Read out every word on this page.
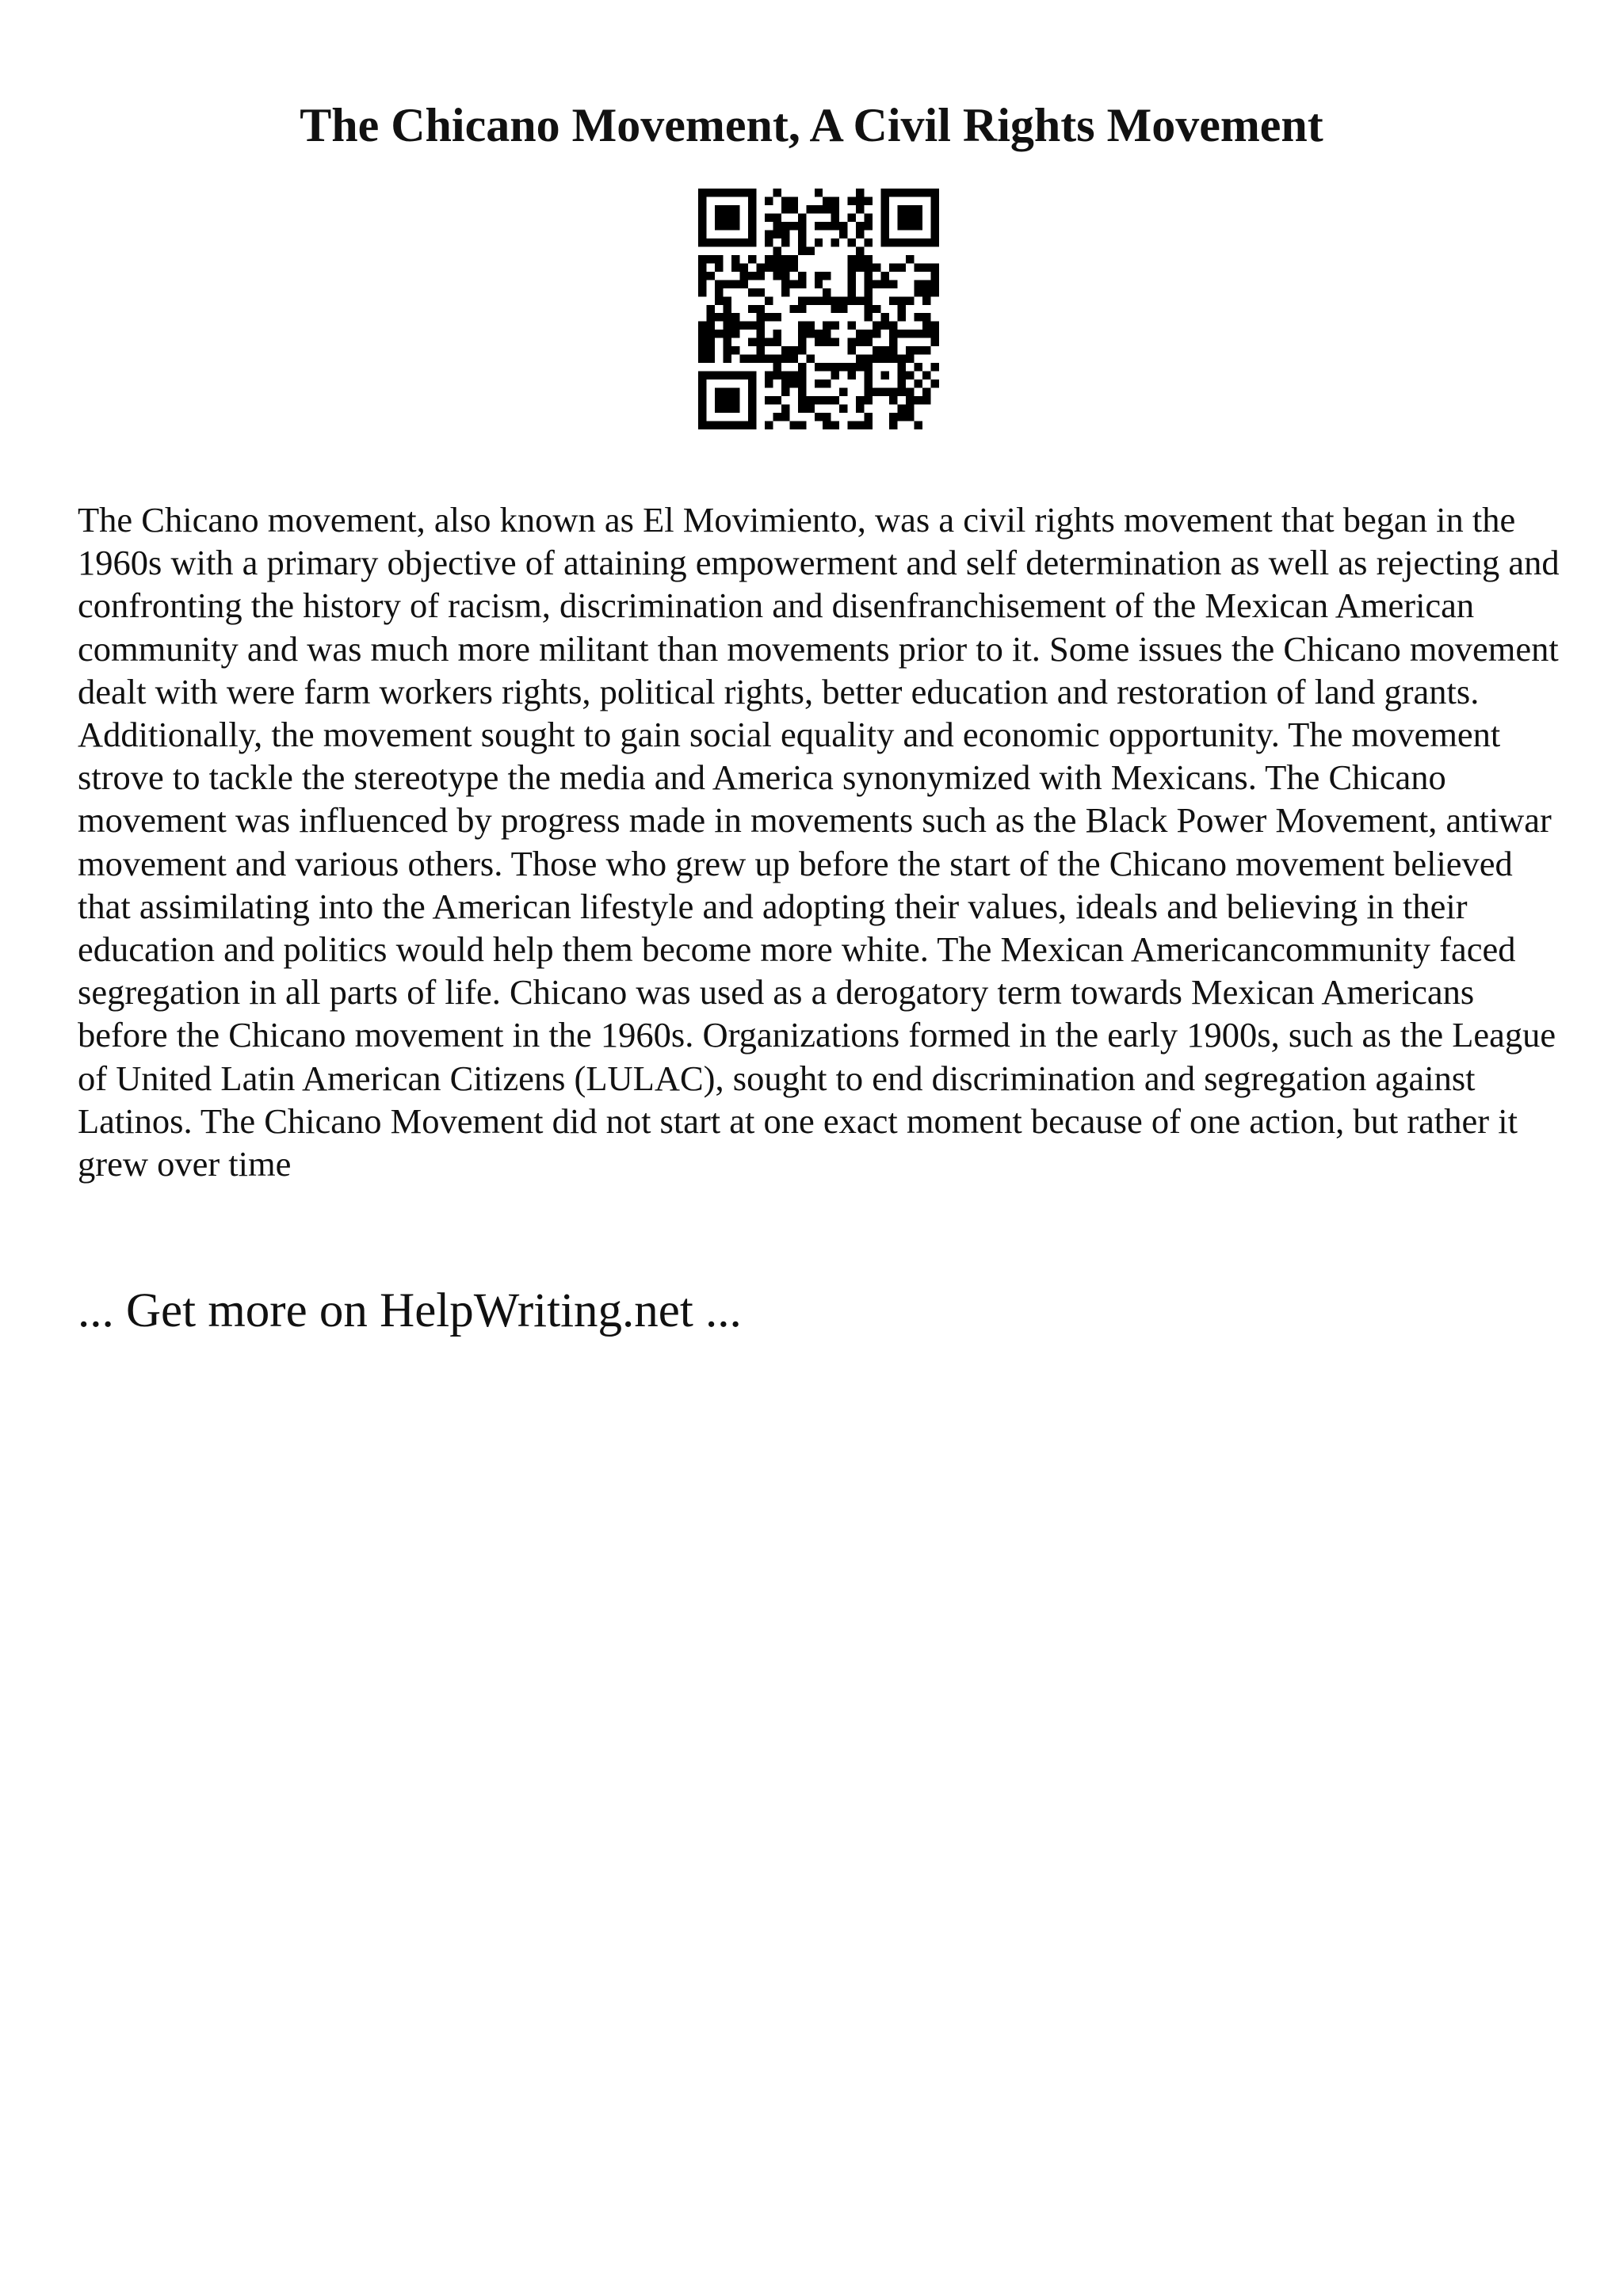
The Chicano Movement, A Civil Rights Movement

The Chicano movement, also known as El Movimiento, was a civil rights movement that began in the 1960s with a primary objective of attaining empowerment and self determination as well as rejecting and confronting the history of racism, discrimination and disenfranchisement of the Mexican American community and was much more militant than movements prior to it. Some issues the Chicano movement dealt with were farm workers rights, political rights, better education and restoration of land grants. Additionally, the movement sought to gain social equality and economic opportunity. The movement strove to tackle the stereotype the media and America synonymized with Mexicans. The Chicano movement was influenced by progress made in movements such as the Black Power Movement, antiwar movement and various others. Those who grew up before the start of the Chicano movement believed that assimilating into the American lifestyle and adopting their values, ideals and believing in their education and politics would help them become more white. The Mexican Americancommunity faced segregation in all parts of life. Chicano was used as a derogatory term towards Mexican Americans before the Chicano movement in the 1960s. Organizations formed in the early 1900s, such as the League of United Latin American Citizens (LULAC), sought to end discrimination and segregation against Latinos. The Chicano Movement did not start at one exact moment because of one action, but rather it grew over time

... Get more on HelpWriting.net ...
